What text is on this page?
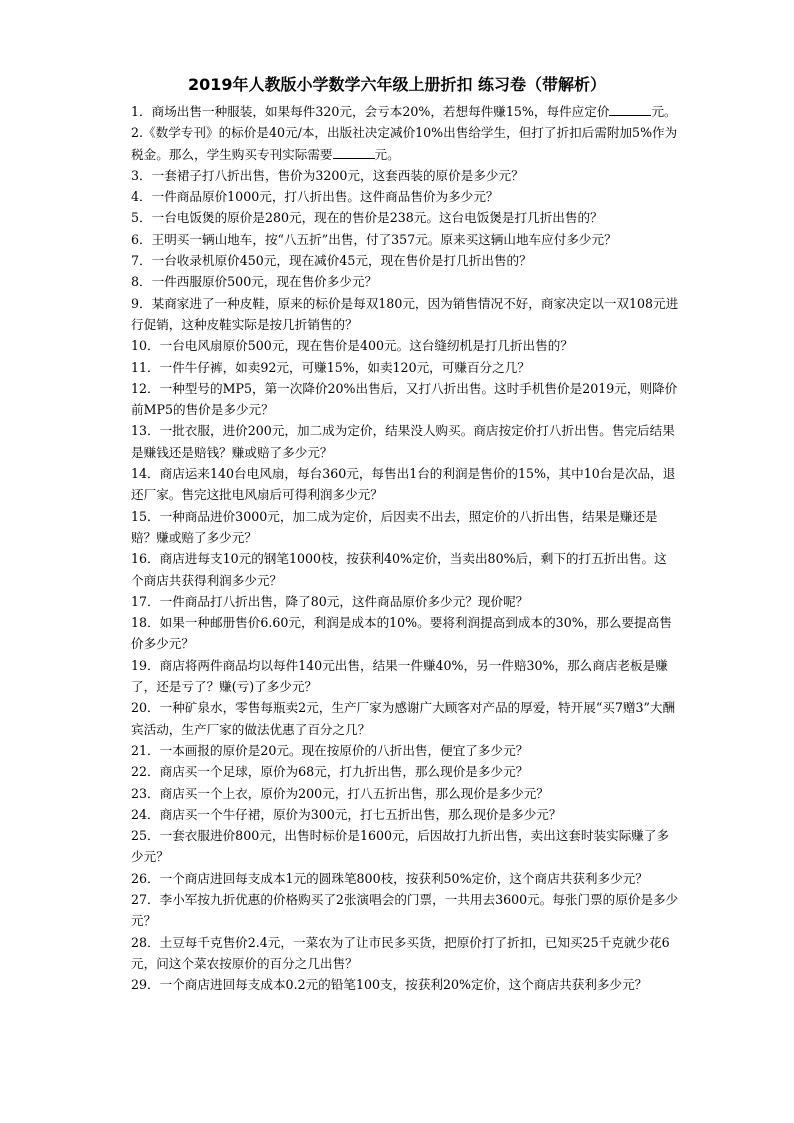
2019年人教版小学数学六年级上册折扣 练习卷（带解析）
1．商场出售一种服装，如果每件320元，会亏本20%，若想每件赚15%，每件应定价	元。
2.《数学专刊》的标价是40元/本，出版社决定减价10%出售给学生，但打了折扣后需附加5%作为税金。那么，学生购买专刊实际需要	元。
3．一套裙子打八折出售，售价为3200元，这套西装的原价是多少元？
4．一件商品原价1000元，打八折出售。这件商品售价为多少元？
5．一台电饭煲的原价是280元，现在的售价是238元。这台电饭煲是打几折出售的？
6．王明买一辆山地车，按“八五折”出售，付了357元。原来买这辆山地车应付多少元？
7．一台收录机原价450元，现在减价45元，现在售价是打几折出售的？
8．一件西服原价500元，现在售价多少元？
9．某商家进了一种皮鞋，原来的标价是每双180元，因为销售情况不好，商家决定以一双108元进行促销，这种皮鞋实际是按几折销售的？
10．一台电风扇原价500元，现在售价是400元。这台缝纫机是打几折出售的？
11．一件牛仔裤，如卖92元，可赚15%，如卖120元，可赚百分之几？
12．一种型号的MP5，第一次降价20%出售后，又打八折出售。这时手机售价是2019元，则降价前MP5的售价是多少元？
13．一批衣服，进价200元，加二成为定价，结果没人购买。商店按定价打八折出售。售完后结果是赚钱还是赔钱？赚或赔了多少元？
14．商店运来140台电风扇，每台360元，每售出1台的利润是售价的15%，其中10台是次品，退还厂家。售完这批电风扇后可得利润多少元？
15．一种商品进价3000元，加二成为定价，后因卖不出去，照定价的八折出售，结果是赚还是赔？赚或赔了多少元？
16．商店进每支10元的钢笔1000枝，按获利40%定价，当卖出80%后，剩下的打五折出售。这个商店共获得利润多少元？
17．一件商品打八折出售，降了80元，这件商品原价多少元？现价呢？
18．如果一种邮册售价6.60元，利润是成本的10%。要将利润提高到成本的30%，那么要提高售价多少元？
19．商店将两件商品均以每件140元出售，结果一件赚40%，另一件赔30%，那么商店老板是赚了，还是亏了？赚(亏)了多少元？
20．一种矿泉水，零售每瓶卖2元，生产厂家为感谢广大顾客对产品的厚爱，特开展“买7赠3”大酬宾活动，生产厂家的做法优惠了百分之几？
21．一本画报的原价是20元。现在按原价的八折出售，便宜了多少元？
22．商店买一个足球，原价为68元，打九折出售，那么现价是多少元？
23．商店买一个上衣，原价为200元，打八五折出售，那么现价是多少元？
24．商店买一个牛仔裙，原价为300元，打七五折出售，那么现价是多少元？
25．一套衣服进价800元，出售时标价是1600元，后因故打九折出售，卖出这套时装实际赚了多少元？
26．一个商店进回每支成本1元的圆珠笔800枝，按获利50%定价，这个商店共获利多少元？
27．李小军按九折优惠的价格购买了2张演唱会的门票，一共用去3600元。每张门票的原价是多少元？
28．土豆每千克售价2.4元，一菜农为了让市民多买货，把原价打了折扣，已知买25千克就少花6元，问这个菜农按原价的百分之几出售？
29．一个商店进回每支成本0.2元的铅笔100支，按获利20%定价，这个商店共获利多少元？
